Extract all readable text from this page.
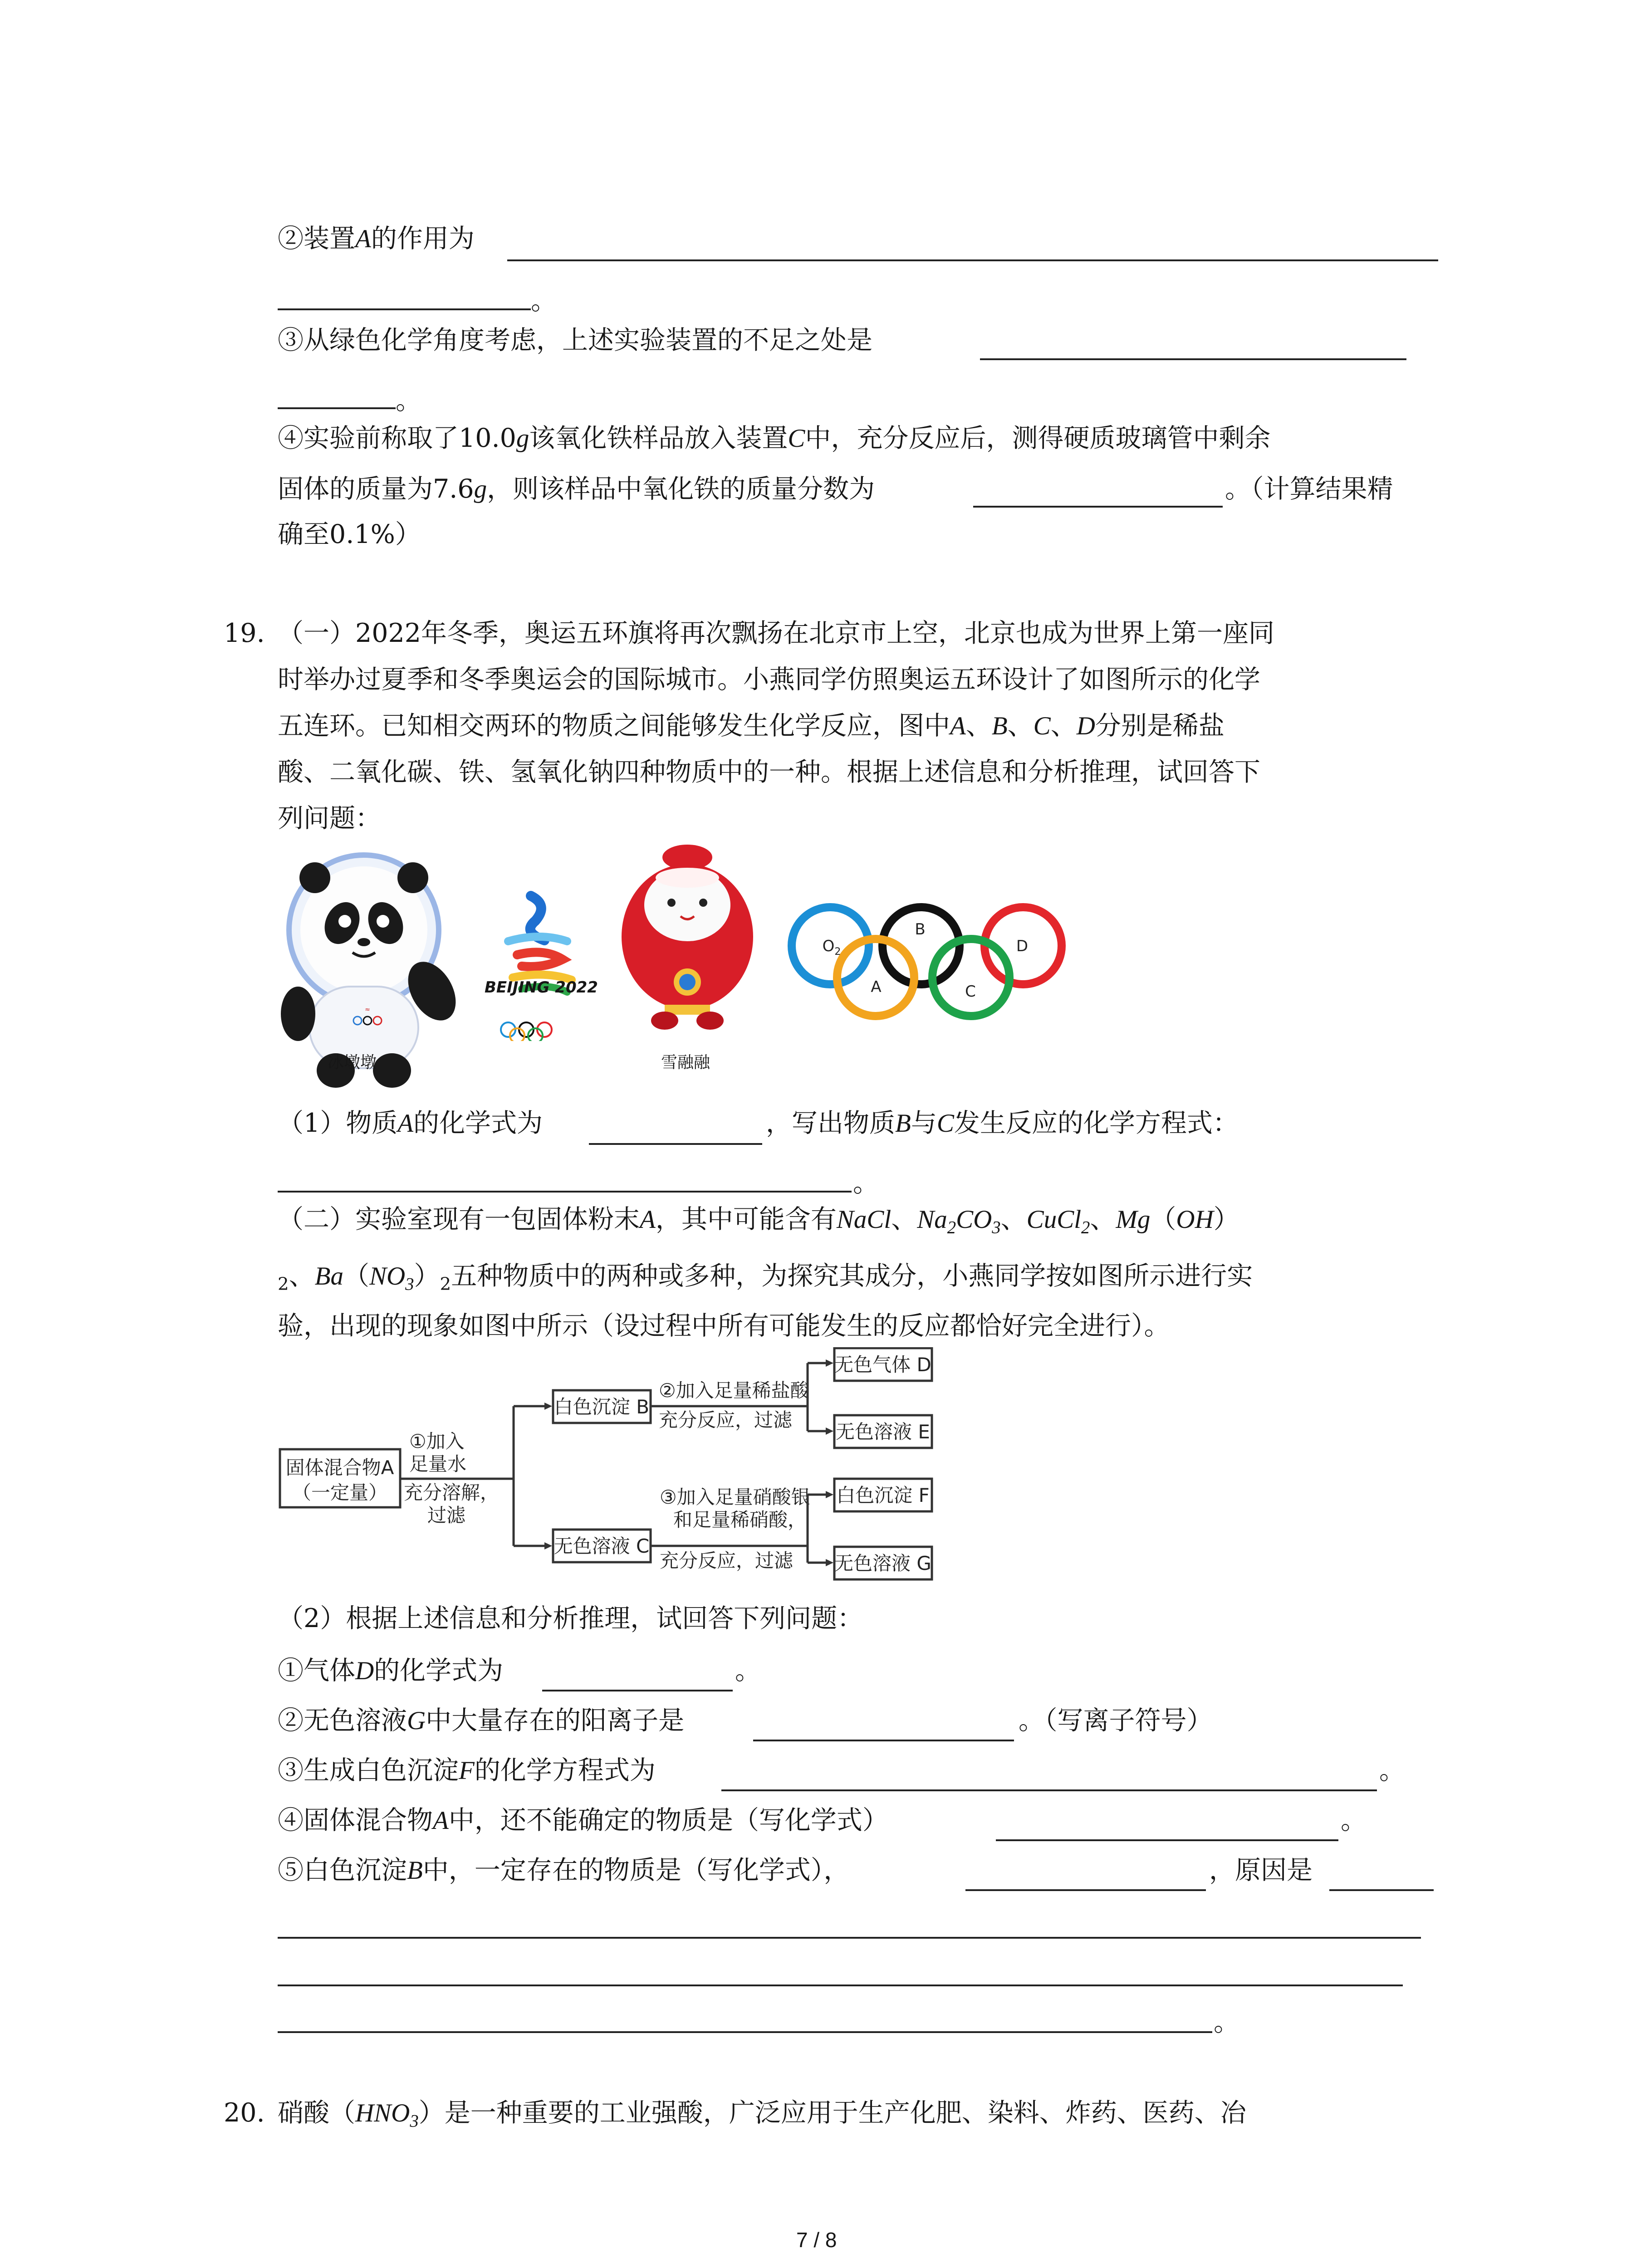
②装置A的作用为
。
③从绿色化学角度考虑，上述实验装置的不足之处是
。
④实验前称取了10.0g该氧化铁样品放入装置C中，充分反应后，测得硬质玻璃管中剩余
固体的质量为7.6g，则该样品中氧化铁的质量分数为	。（计算结果精
确至0.1%）
19. （一）2022年冬季，奥运五环旗将再次飘扬在北京市上空，北京也成为世界上第一座同
时举办过夏季和冬季奥运会的国际城市。小燕同学仿照奥运五环设计了如图所示的化学
五连环。已知相交两环的物质之间能够发生化学反应，图中A、B、C、D分别是稀盐
酸、二氧化碳、铁、氢氧化钠四种物质中的一种。根据上述信息和分析推理，试回答下
列问题：
≈
冰墩墩
BEIJING 2022
雪融融
$O_2$
B
D
A	C
（1）物质A的化学式为	，写出物质B与C发生反应的化学方程式：
。
（二）实验室现有一包固体粉末A，其中可能含有NaCl、$Na_2CO_3$、CuCl$_2$、Mg（OH）
$_2$、$Ba(NO_3)_2$五种物质中的两种或多种，为探究其成分，小燕同学按如图所示进行实
验，出现的现象如图中所示（设过程中所有可能发生的反应都恰好完全进行）。
固体混合物A
（一定量）
①加入
足量水
充分溶解，
过滤
白色沉淀 B
无色溶液 C
②加入足量稀盐酸
充分反应，过滤
无色气体 D
无色溶液 E
③加入足量硝酸银
和足量稀硝酸，
充分反应，过滤
白色沉淀 F
无色溶液 G
（2）根据上述信息和分析推理，试回答下列问题：
①气体D的化学式为	。
②无色溶液G中大量存在的阳离子是	。（写离子符号）
③生成白色沉淀F的化学方程式为	。
④固体混合物A中，还不能确定的物质是（写化学式）	。
⑤白色沉淀B中，一定存在的物质是（写化学式），	，原因是
。
20. 硝酸$(HNO_3)$是一种重要的工业强酸，广泛应用于生产化肥、染料、炸药、医药、冶
7 / 8
